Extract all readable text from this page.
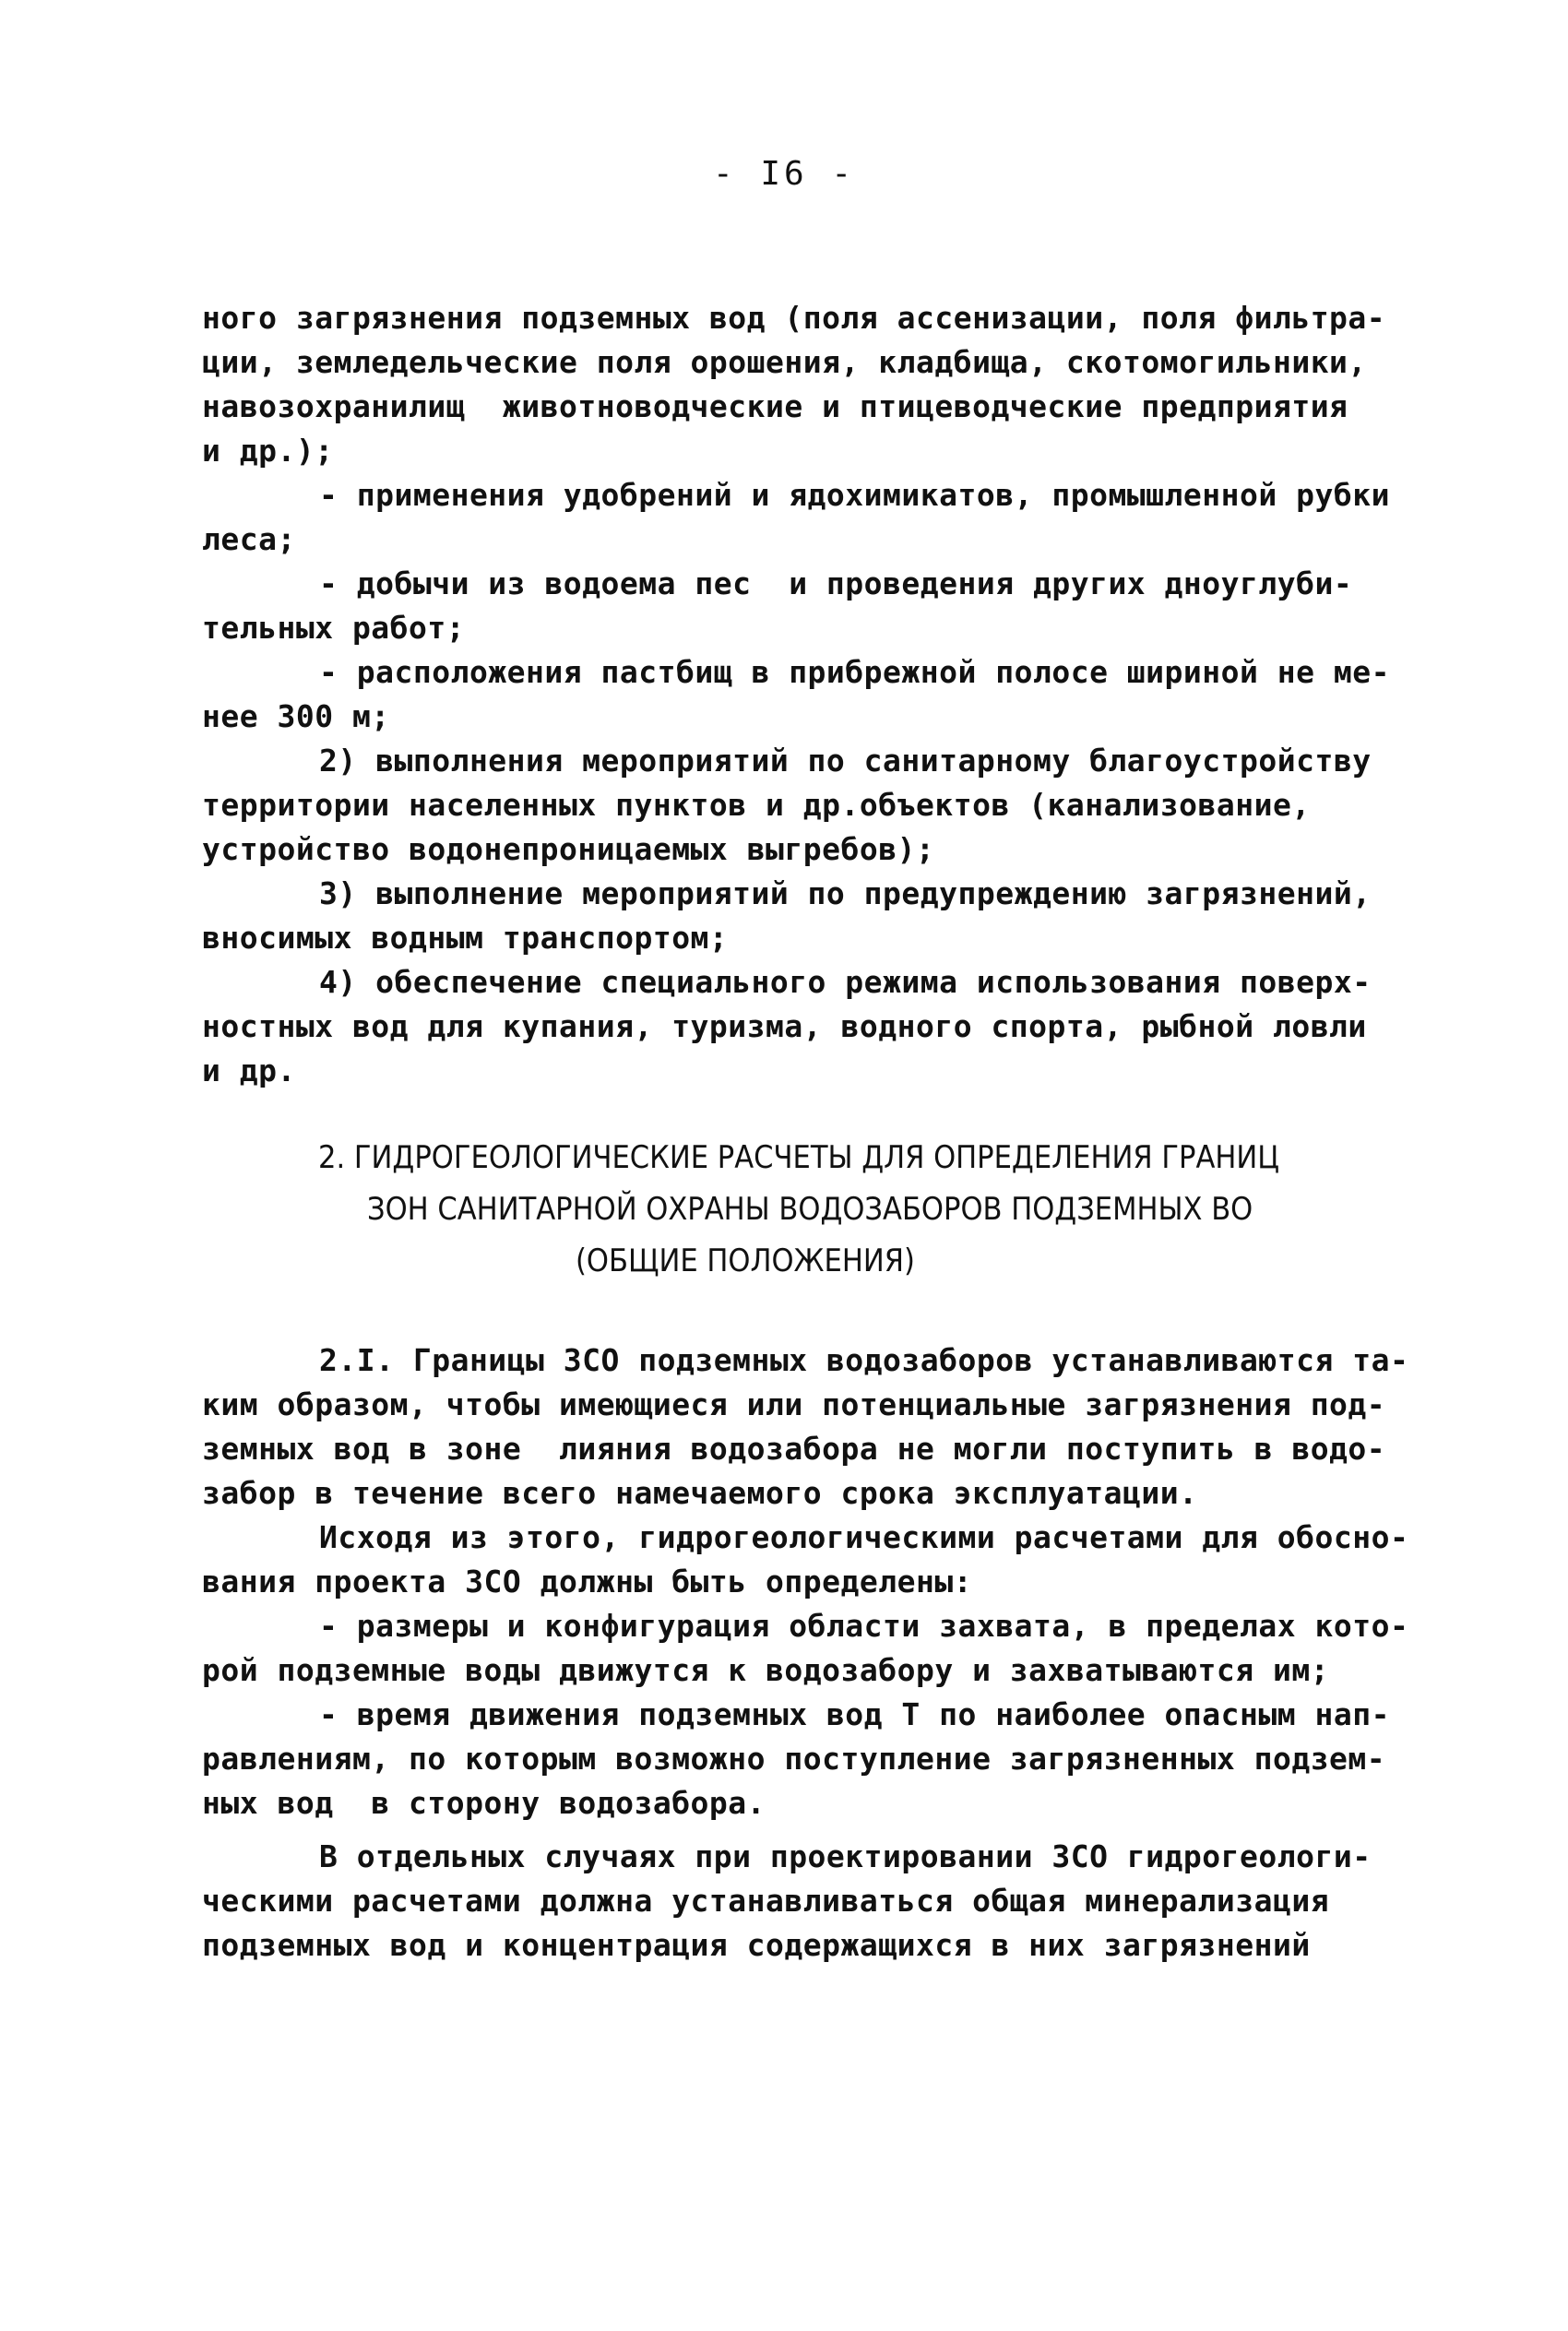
- I6 -
ного загрязнения подземных вод (поля ассенизации, поля фильтра-
ции, земледельческие поля орошения, кладбища, скотомогильники,
навозохранилищ  животноводческие и птицеводческие предприятия
и др.);
- применения удобрений и ядохимикатов, промышленной рубки
леса;
- добычи из водоема пес  и проведения других дноуглуби-
тельных работ;
- расположения пастбищ в прибрежной полосе шириной не ме-
нее 300 м;
2) выполнения мероприятий по санитарному благоустройству
территории населенных пунктов и др.объектов (канализование,
устройство водонепроницаемых выгребов);
3) выполнение мероприятий по предупреждению загрязнений,
вносимых водным транспортом;
4) обеспечение специального режима использования поверх-
ностных вод для купания, туризма, водного спорта, рыбной ловли
и др.
2. ГИДРОГЕОЛОГИЧЕСКИЕ РАСЧЕТЫ ДЛЯ ОПРЕДЕЛЕНИЯ ГРАНИЦ
ЗОН САНИТАРНОЙ ОХРАНЫ ВОДОЗАБОРОВ ПОДЗЕМНЫХ ВО
(ОБЩИЕ ПОЛОЖЕНИЯ)
2.I. Границы ЗСО подземных водозаборов устанавливаются та-
ким образом, чтобы имеющиеся или потенциальные загрязнения под-
земных вод в зоне  лияния водозабора не могли поступить в водо-
забор в течение всего намечаемого срока эксплуатации.
Исходя из этого, гидрогеологическими расчетами для обосно-
вания проекта ЗСО должны быть определены:
- размеры и конфигурация области захвата, в пределах кото-
рой подземные воды движутся к водозабору и захватываются им;
- время движения подземных вод Т по наиболее опасным нап-
равлениям, по которым возможно поступление загрязненных подзем-
ных вод  в сторону водозабора.
В отдельных случаях при проектировании ЗСО гидрогеологи-
ческими расчетами должна устанавливаться общая минерализация
подземных вод и концентрация содержащихся в них загрязнений
